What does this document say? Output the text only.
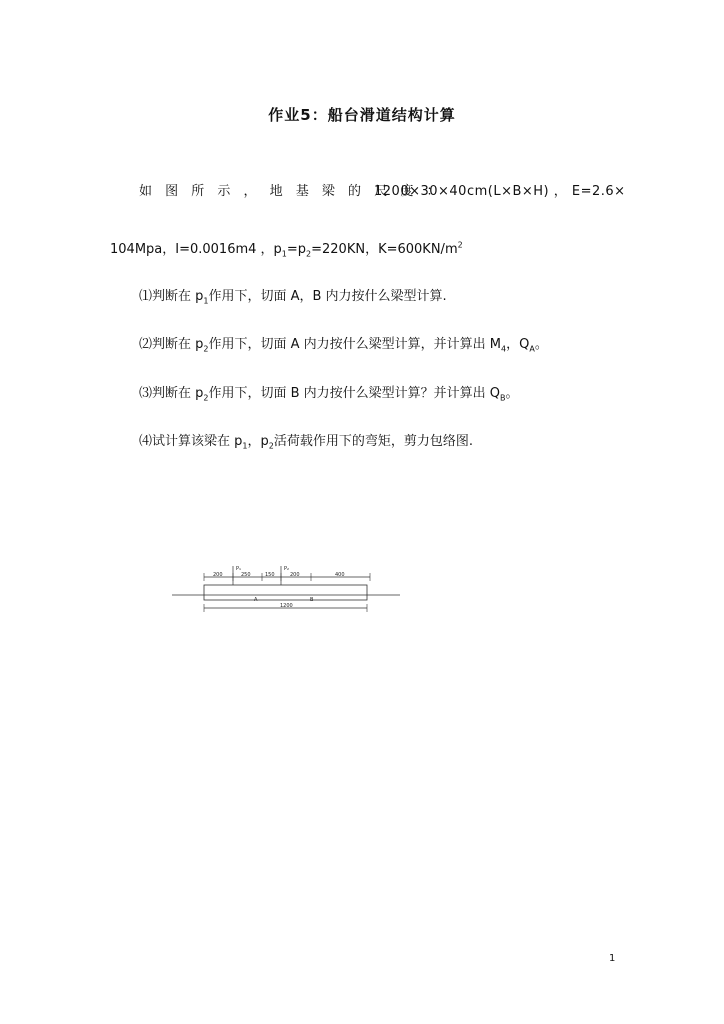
作业5：船台滑道结构计算
如 图 所 示 ， 地 基 梁 的 尺 度 ：
1200×30×40cm(L×B×H) ， E=2.6×
104Mpa，I=0.0016m4 ，$p_1=p_2=220KN$，$K=600KN/m^2$
⑴判断在 $p_1$作用下，切面 A，B 内力按什么梁型计算.
⑵判断在 $p_2$作用下，切面 A 内力按什么梁型计算，并计算出 $M_4$，$Q_A$。
⑶判断在 $p_2$作用下，切面 B 内力按什么梁型计算？并计算出 $Q_B$。
⑷试计算该梁在 $p_1$，$p_2$活荷载作用下的弯矩，剪力包络图.
P₁	P₂
200	250	150	200	400
A	B
1200
1
